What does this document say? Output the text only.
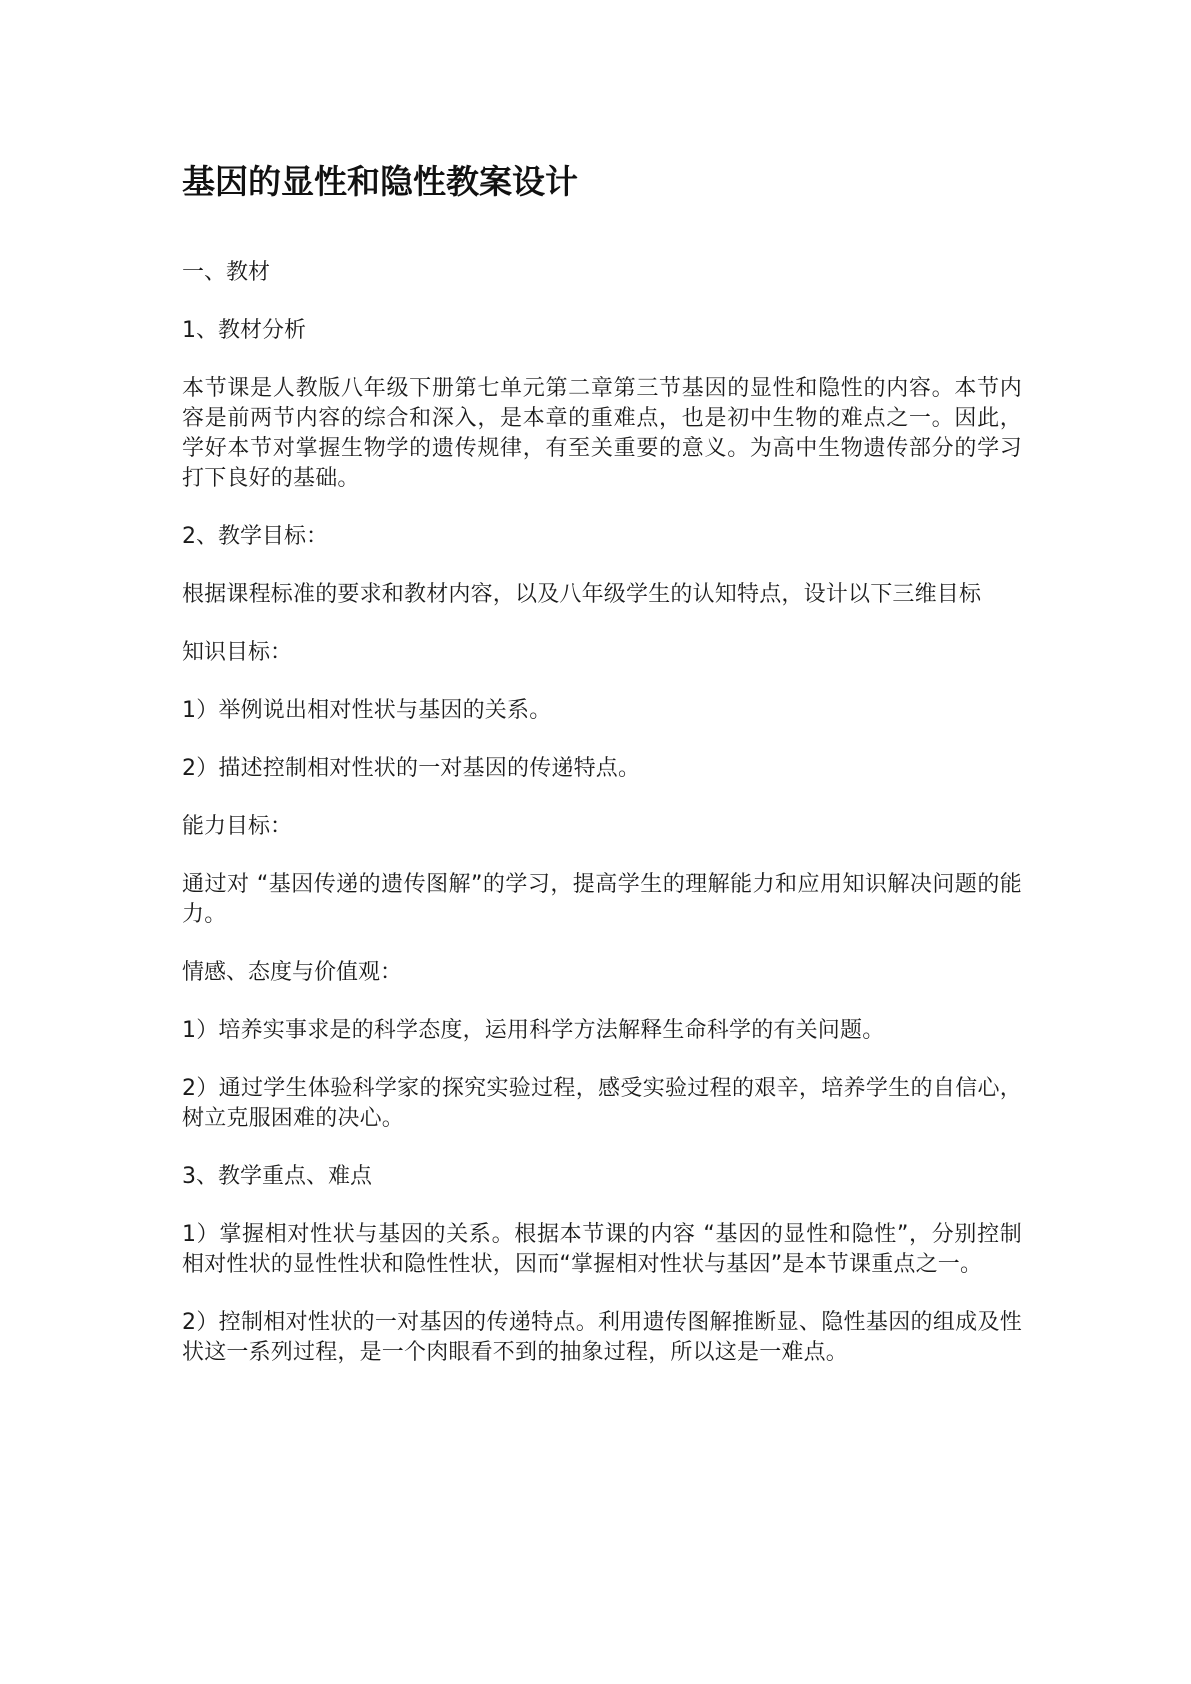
基因的显性和隐性教案设计

一、教材

1、教材分析

本节课是人教版八年级下册第七单元第二章第三节基因的显性和隐性的内容。本节内容是前两节内容的综合和深入，是本章的重难点，也是初中生物的难点之一。因此，学好本节对掌握生物学的遗传规律，有至关重要的意义。为高中生物遗传部分的学习打下良好的基础。

2、教学目标：

根据课程标准的要求和教材内容，以及八年级学生的认知特点，设计以下三维目标

知识目标：

1）举例说出相对性状与基因的关系。

2）描述控制相对性状的一对基因的传递特点。

能力目标：

通过对 “基因传递的遗传图解”的学习，提高学生的理解能力和应用知识解决问题的能力。

情感、态度与价值观：

1）培养实事求是的科学态度，运用科学方法解释生命科学的有关问题。

2）通过学生体验科学家的探究实验过程，感受实验过程的艰辛，培养学生的自信心，树立克服困难的决心。

3、教学重点、难点

1）掌握相对性状与基因的关系。根据本节课的内容 “基因的显性和隐性”，分别控制相对性状的显性性状和隐性性状，因而“掌握相对性状与基因”是本节课重点之一。

2）控制相对性状的一对基因的传递特点。利用遗传图解推断显、隐性基因的组成及性状这一系列过程，是一个肉眼看不到的抽象过程，所以这是一难点。
